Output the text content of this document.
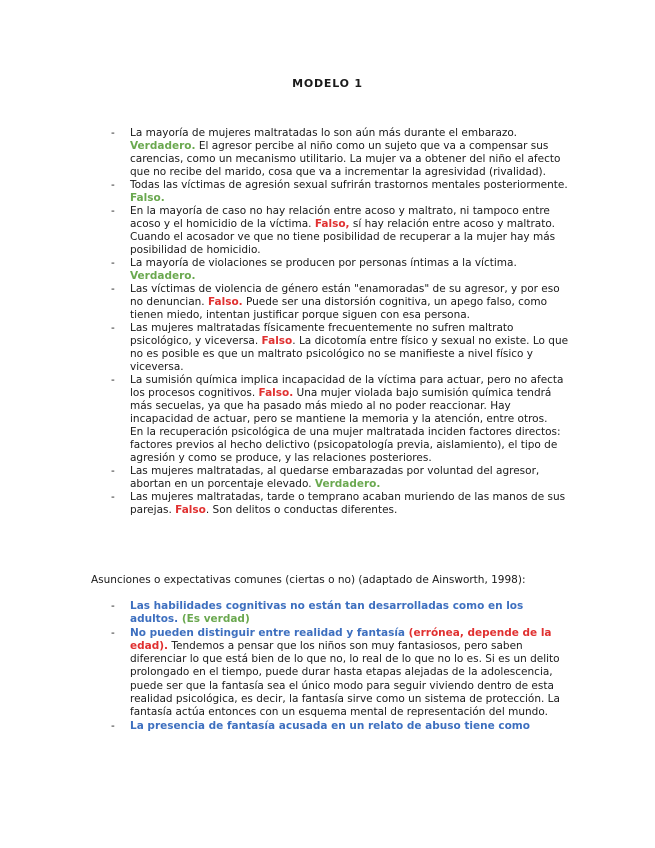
MODELO 1
- La mayoría de mujeres maltratadas lo son aún más durante el embarazo. Verdadero. El agresor percibe al niño como un sujeto que va a compensar sus carencias, como un mecanismo utilitario. La mujer va a obtener del niño el afecto que no recibe del marido, cosa que va a incrementar la agresividad (rivalidad).
- Todas las víctimas de agresión sexual sufrirán trastornos mentales posteriormente. Falso.
- En la mayoría de caso no hay relación entre acoso y maltrato, ni tampoco entre acoso y el homicidio de la víctima. Falso, sí hay relación entre acoso y maltrato. Cuando el acosador ve que no tiene posibilidad de recuperar a la mujer hay más posibilidad de homicidio.
- La mayoría de violaciones se producen por personas íntimas a la víctima. Verdadero.
- Las víctimas de violencia de género están "enamoradas" de su agresor, y por eso no denuncian. Falso. Puede ser una distorsión cognitiva, un apego falso, como tienen miedo, intentan justificar porque siguen con esa persona.
- Las mujeres maltratadas físicamente frecuentemente no sufren maltrato psicológico, y viceversa. Falso. La dicotomía entre físico y sexual no existe. Lo que no es posible es que un maltrato psicológico no se manifieste a nivel físico y viceversa.
- La sumisión química implica incapacidad de la víctima para actuar, pero no afecta los procesos cognitivos. Falso. Una mujer violada bajo sumisión química tendrá más secuelas, ya que ha pasado más miedo al no poder reaccionar. Hay incapacidad de actuar, pero se mantiene la memoria y la atención, entre otros.

En la recuperación psicológica de una mujer maltratada inciden factores directos: factores previos al hecho delictivo (psicopatología previa, aislamiento), el tipo de agresión y como se produce, y las relaciones posteriores.

- Las mujeres maltratadas, al quedarse embarazadas por voluntad del agresor, abortan en un porcentaje elevado. Verdadero.
- Las mujeres maltratadas, tarde o temprano acaban muriendo de las manos de sus parejas. Falso. Son delitos o conductas diferentes.
Asunciones o expectativas comunes (ciertas o no) (adaptado de Ainsworth, 1998):
- Las habilidades cognitivas no están tan desarrolladas como en los adultos. (Es verdad)
- No pueden distinguir entre realidad y fantasía (errónea, depende de la edad). Tendemos a pensar que los niños son muy fantasiosos, pero saben diferenciar lo que está bien de lo que no, lo real de lo que no lo es. Si es un delito prolongado en el tiempo, puede durar hasta etapas alejadas de la adolescencia, puede ser que la fantasía sea el único modo para seguir viviendo dentro de esta realidad psicológica, es decir, la fantasía sirve como un sistema de protección. La fantasía actúa entonces con un esquema mental de representación del mundo.
- La presencia de fantasía acusada en un relato de abuso tiene como
